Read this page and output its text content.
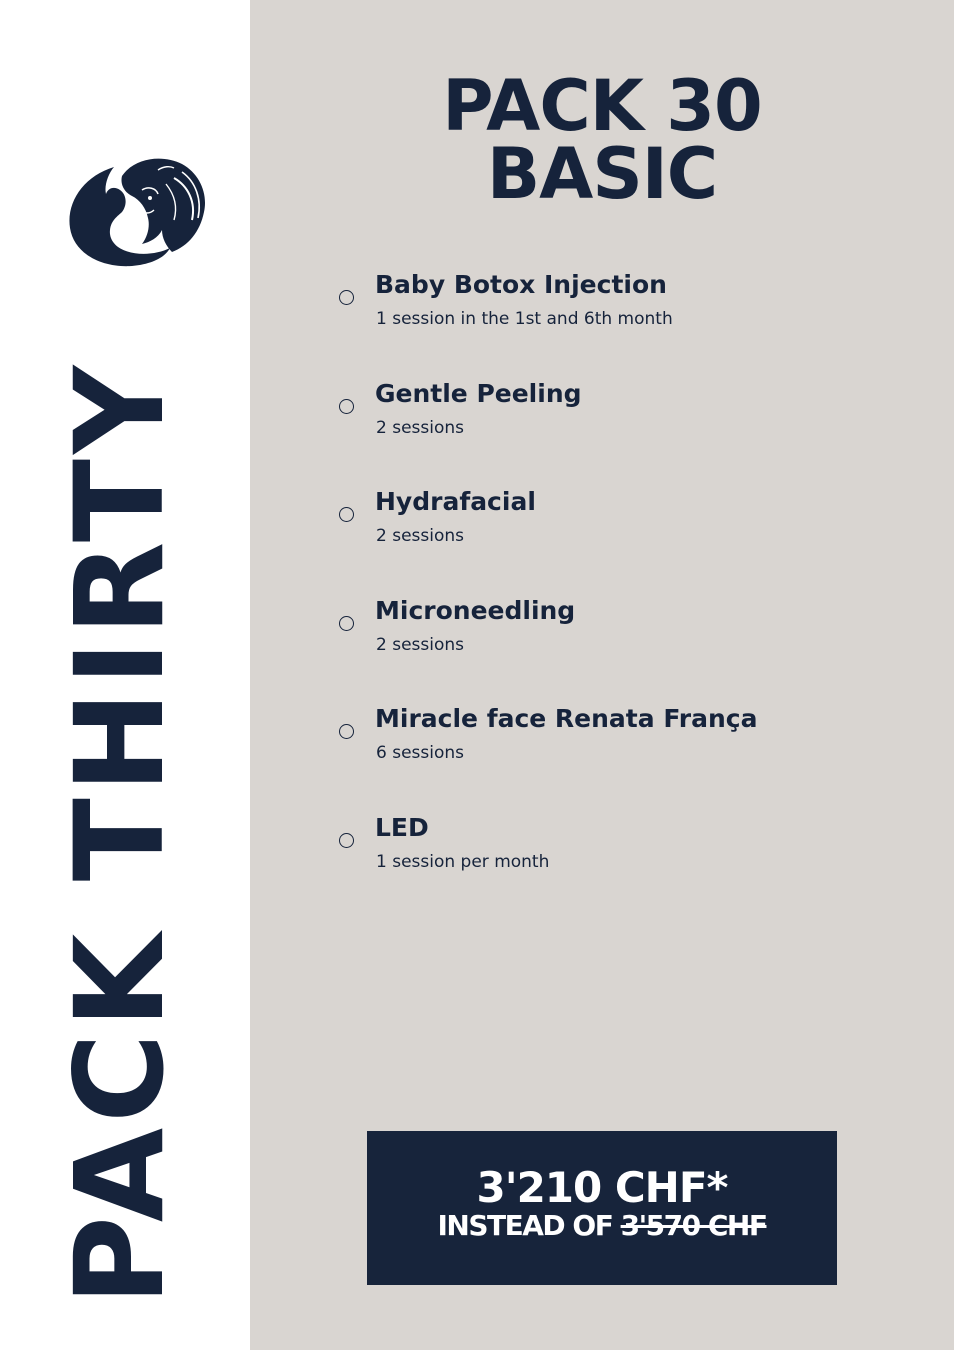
PACK THIRTY
PACK 30
BASIC
Baby Botox Injection
1 session in the 1st and 6th month
Gentle Peeling
2 sessions
Hydrafacial
2 sessions
Microneedling
2 sessions
Miracle face Renata França
6 sessions
LED
1 session per month
3'210 CHF*
INSTEAD OF 3'570 CHF
